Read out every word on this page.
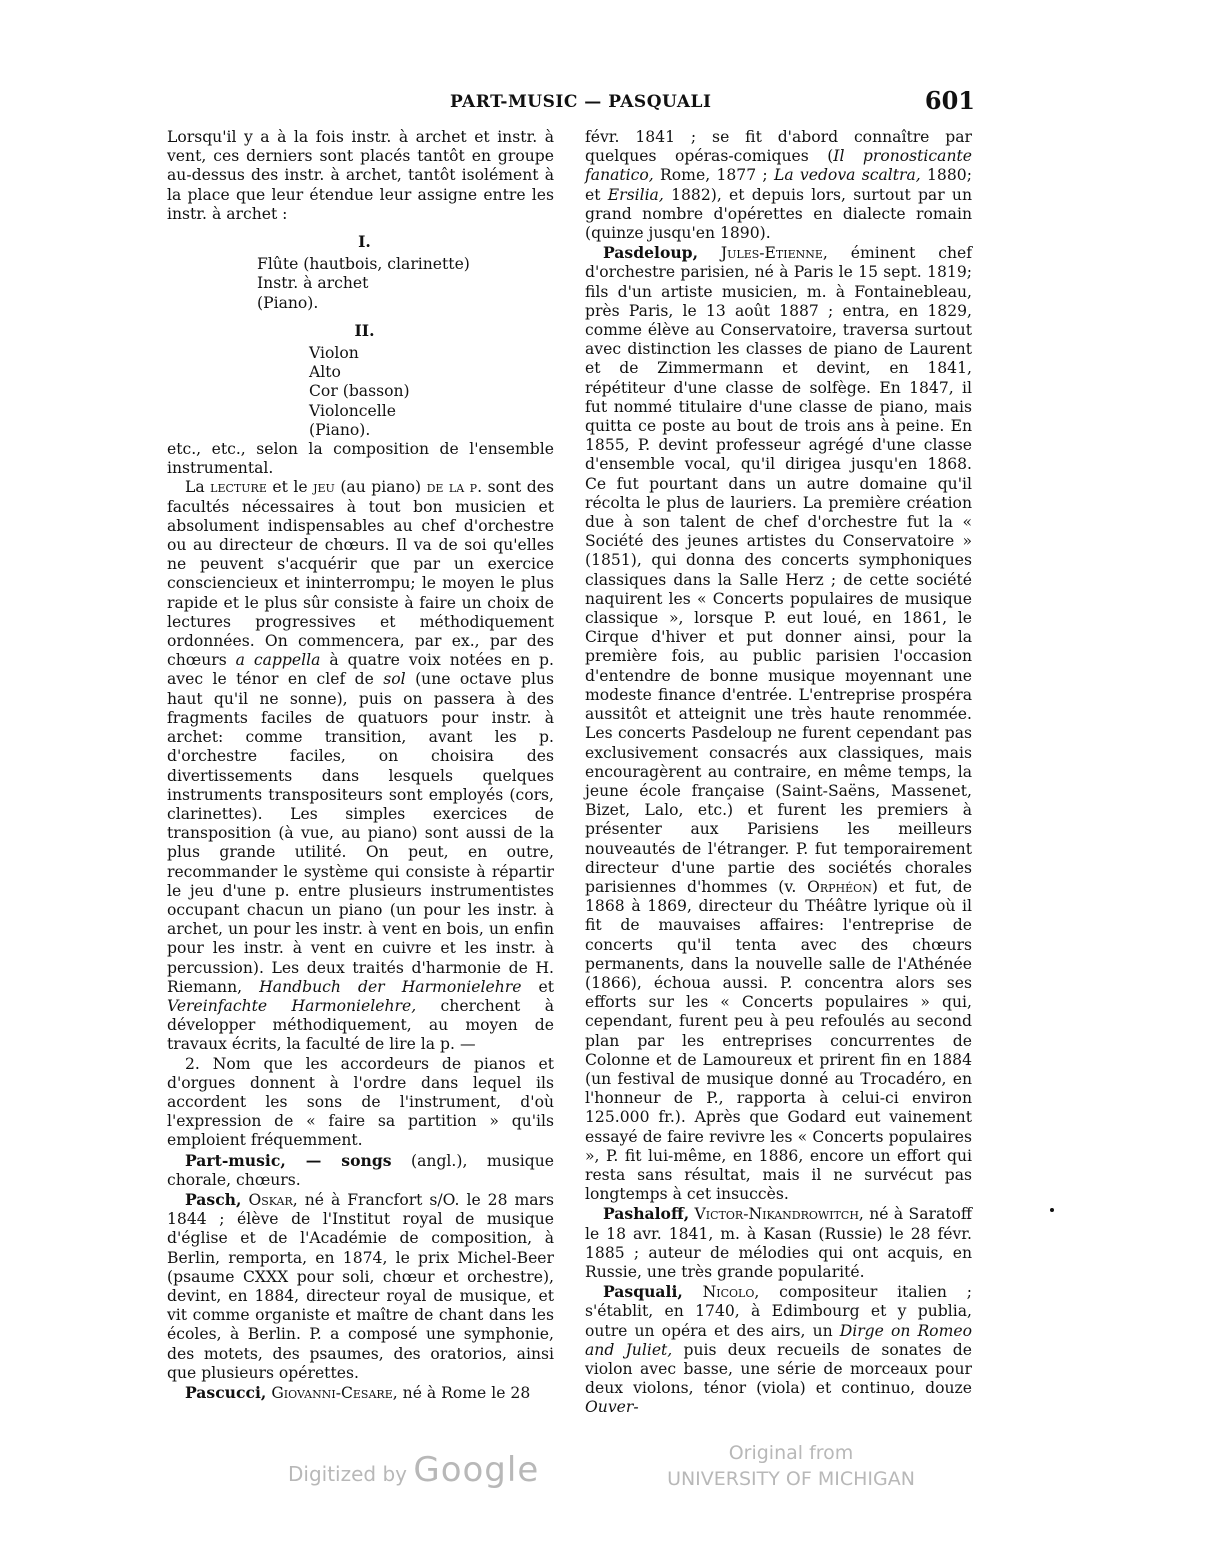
PART-MUSIC — PASQUALI	601

Lorsqu'il y a à la fois instr. à archet et instr. à vent, ces derniers sont placés tantôt en groupe au-dessus des instr. à archet, tantôt isolément à la place que leur étendue leur assigne entre les instr. à archet :

I.
Flûte (hautbois, clarinette)
Instr. à archet
(Piano).
II.
Violon
Alto
Cor (basson)
Violoncelle
(Piano).

etc., etc., selon la composition de l'ensemble instrumental.

La lecture et le jeu (au piano) de la p. sont des facultés nécessaires à tout bon musicien et absolument indispensables au chef d'orchestre ou au directeur de chœurs. Il va de soi qu'elles ne peuvent s'acquérir que par un exercice consciencieux et ininterrompu; le moyen le plus rapide et le plus sûr consiste à faire un choix de lectures progressives et méthodiquement ordonnées. On commencera, par ex., par des chœurs a cappella à quatre voix notées en p. avec le ténor en clef de sol (une octave plus haut qu'il ne sonne), puis on passera à des fragments faciles de quatuors pour instr. à archet: comme transition, avant les p. d'orchestre faciles, on choisira des divertissements dans lesquels quelques instruments transpositeurs sont employés (cors, clarinettes). Les simples exercices de transposition (à vue, au piano) sont aussi de la plus grande utilité. On peut, en outre, recommander le système qui consiste à répartir le jeu d'une p. entre plusieurs instrumentistes occupant chacun un piano (un pour les instr. à archet, un pour les instr. à vent en bois, un enfin pour les instr. à vent en cuivre et les instr. à percussion). Les deux traités d'harmonie de H. Riemann, Handbuch der Harmonielehre et Vereinfachte Harmonielehre, cherchent à développer méthodiquement, au moyen de travaux écrits, la faculté de lire la p. —

2. Nom que les accordeurs de pianos et d'orgues donnent à l'ordre dans lequel ils accordent les sons de l'instrument, d'où l'expression de « faire sa partition » qu'ils emploient fréquemment.

Part-music, — songs (angl.), musique chorale, chœurs.

Pasch, Oskar, né à Francfort s/O. le 28 mars 1844 ; élève de l'Institut royal de musique d'église et de l'Académie de composition, à Berlin, remporta, en 1874, le prix Michel-Beer (psaume CXXX pour soli, chœur et orchestre), devint, en 1884, directeur royal de musique, et vit comme organiste et maître de chant dans les écoles, à Berlin. P. a composé une symphonie, des motets, des psaumes, des oratorios, ainsi que plusieurs opérettes.

Pascucci, Giovanni-Cesare, né à Rome le 28

févr. 1841 ; se fit d'abord connaître par quelques opéras-comiques (Il pronosticante fanatico, Rome, 1877 ; La vedova scaltra, 1880; et Ersilia, 1882), et depuis lors, surtout par un grand nombre d'opérettes en dialecte romain (quinze jusqu'en 1890).

Pasdeloup, Jules-Etienne, éminent chef d'orchestre parisien, né à Paris le 15 sept. 1819; fils d'un artiste musicien, m. à Fontainebleau, près Paris, le 13 août 1887 ; entra, en 1829, comme élève au Conservatoire, traversa surtout avec distinction les classes de piano de Laurent et de Zimmermann et devint, en 1841, répétiteur d'une classe de solfège. En 1847, il fut nommé titulaire d'une classe de piano, mais quitta ce poste au bout de trois ans à peine. En 1855, P. devint professeur agrégé d'une classe d'ensemble vocal, qu'il dirigea jusqu'en 1868. Ce fut pourtant dans un autre domaine qu'il récolta le plus de lauriers. La première création due à son talent de chef d'orchestre fut la « Société des jeunes artistes du Conservatoire » (1851), qui donna des concerts symphoniques classiques dans la Salle Herz ; de cette société naquirent les « Concerts populaires de musique classique », lorsque P. eut loué, en 1861, le Cirque d'hiver et put donner ainsi, pour la première fois, au public parisien l'occasion d'entendre de bonne musique moyennant une modeste finance d'entrée. L'entreprise prospéra aussitôt et atteignit une très haute renommée. Les concerts Pasdeloup ne furent cependant pas exclusivement consacrés aux classiques, mais encouragèrent au contraire, en même temps, la jeune école française (Saint-Saëns, Massenet, Bizet, Lalo, etc.) et furent les premiers à présenter aux Parisiens les meilleurs nouveautés de l'étranger. P. fut temporairement directeur d'une partie des sociétés chorales parisiennes d'hommes (v. Orphéon) et fut, de 1868 à 1869, directeur du Théâtre lyrique où il fit de mauvaises affaires: l'entreprise de concerts qu'il tenta avec des chœurs permanents, dans la nouvelle salle de l'Athénée (1866), échoua aussi. P. concentra alors ses efforts sur les « Concerts populaires » qui, cependant, furent peu à peu refoulés au second plan par les entreprises concurrentes de Colonne et de Lamoureux et prirent fin en 1884 (un festival de musique donné au Trocadéro, en l'honneur de P., rapporta à celui-ci environ 125.000 fr.). Après que Godard eut vainement essayé de faire revivre les « Concerts populaires », P. fit lui-même, en 1886, encore un effort qui resta sans résultat, mais il ne survécut pas longtemps à cet insuccès.

Pashaloff, Victor-Nikandrowitch, né à Saratoff le 18 avr. 1841, m. à Kasan (Russie) le 28 févr. 1885 ; auteur de mélodies qui ont acquis, en Russie, une très grande popularité.

Pasquali, Nicolo, compositeur italien ; s'établit, en 1740, à Edimbourg et y publia, outre un opéra et des airs, un Dirge on Romeo and Juliet, puis deux recueils de sonates de violon avec basse, une série de morceaux pour deux violons, ténor (viola) et continuo, douze Ouver-

Digitized by Google	Original from
UNIVERSITY OF MICHIGAN
